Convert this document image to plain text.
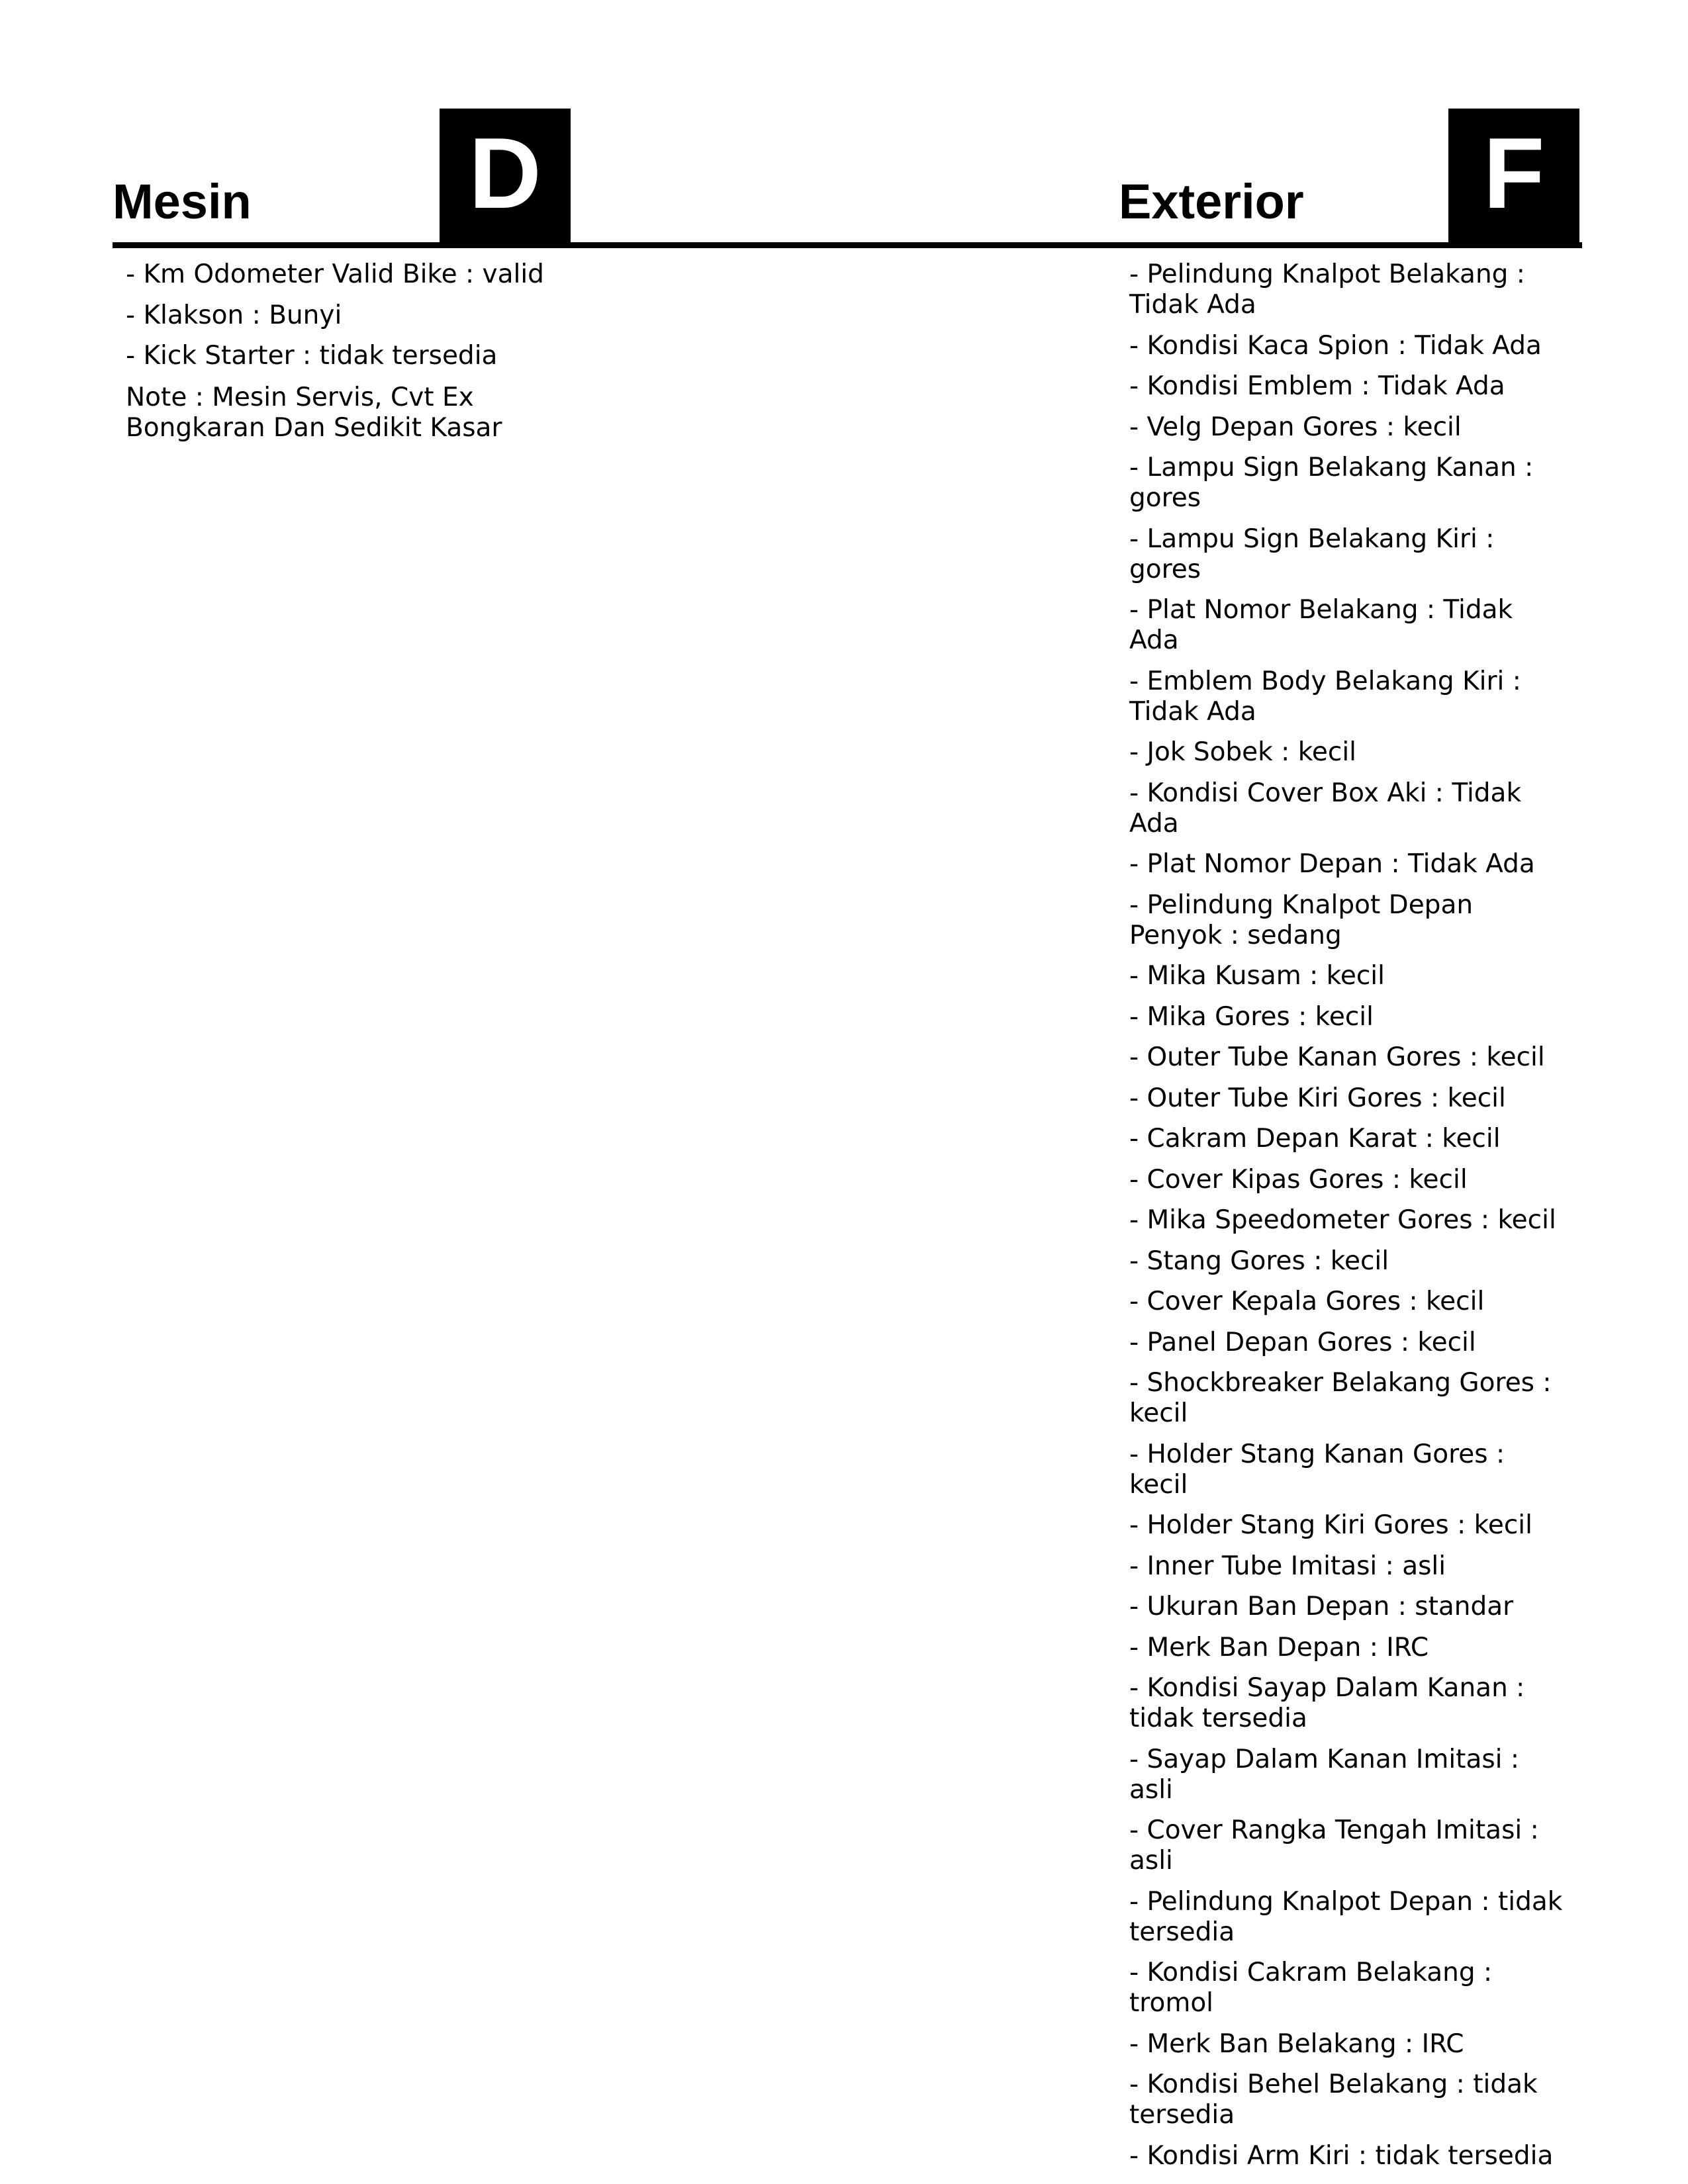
Mesin D	Exterior	F
- Km Odometer Valid Bike : valid
- Klakson : Bunyi
- Kick Starter : tidak tersedia

Note : Mesin Servis, Cvt Ex Bongkaran Dan Sedikit Kasar

- Pelindung Knalpot Belakang : Tidak Ada
- Kondisi Kaca Spion : Tidak Ada
- Kondisi Emblem : Tidak Ada
- Velg Depan Gores : kecil
- Lampu Sign Belakang Kanan : gores
- Lampu Sign Belakang Kiri : gores
- Plat Nomor Belakang : Tidak Ada
- Emblem Body Belakang Kiri : Tidak Ada
- Jok Sobek : kecil
- Kondisi Cover Box Aki : Tidak Ada
- Plat Nomor Depan : Tidak Ada
- Pelindung Knalpot Depan Penyok : sedang
- Mika Kusam : kecil
- Mika Gores : kecil
- Outer Tube Kanan Gores : kecil
- Outer Tube Kiri Gores : kecil
- Cakram Depan Karat : kecil
- Cover Kipas Gores : kecil
- Mika Speedometer Gores : kecil
- Stang Gores : kecil
- Cover Kepala Gores : kecil
- Panel Depan Gores : kecil
- Shockbreaker Belakang Gores : kecil
- Holder Stang Kanan Gores : kecil
- Holder Stang Kiri Gores : kecil
- Inner Tube Imitasi : asli
- Ukuran Ban Depan : standar
- Merk Ban Depan : IRC
- Kondisi Sayap Dalam Kanan : tidak tersedia
- Sayap Dalam Kanan Imitasi : asli
- Cover Rangka Tengah Imitasi : asli
- Pelindung Knalpot Depan : tidak tersedia
- Kondisi Cakram Belakang : tromol
- Merk Ban Belakang : IRC
- Kondisi Behel Belakang : tidak tersedia
- Kondisi Arm Kiri : tidak tersedia
